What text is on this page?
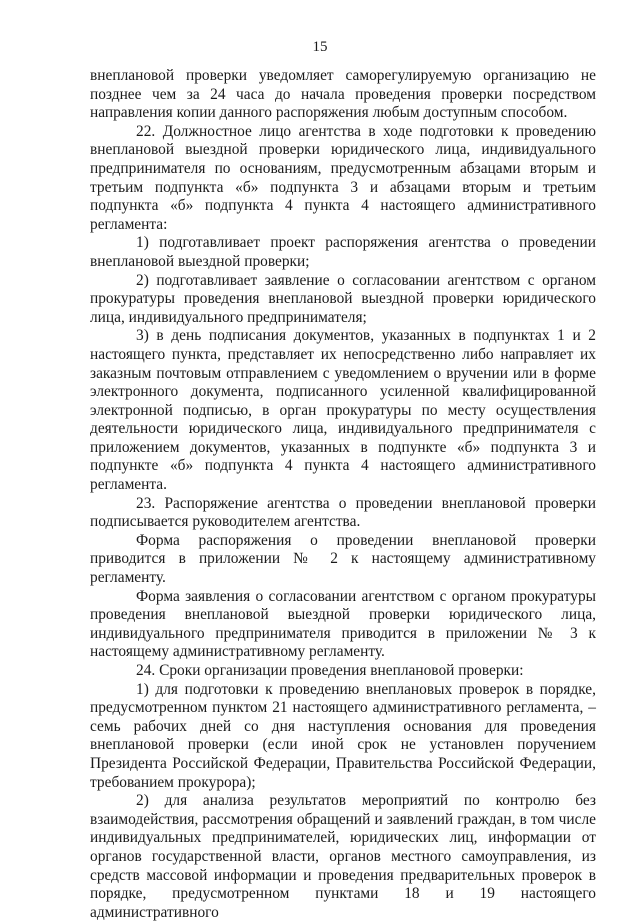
15

внеплановой проверки уведомляет саморегулируемую организацию не позднее чем за 24 часа до начала проведения проверки посредством направления копии данного распоряжения любым доступным способом.

22. Должностное лицо агентства в ходе подготовки к проведению внеплановой выездной проверки юридического лица, индивидуального предпринимателя по основаниям, предусмотренным абзацами вторым и третьим подпункта «б» подпункта 3 и абзацами вторым и третьим подпункта «б» подпункта 4 пункта 4 настоящего административного регламента:

1) подготавливает проект распоряжения агентства о проведении внеплановой выездной проверки;

2) подготавливает заявление о согласовании агентством с органом прокуратуры проведения внеплановой выездной проверки юридического лица, индивидуального предпринимателя;

3) в день подписания документов, указанных в подпунктах 1 и 2 настоящего пункта, представляет их непосредственно либо направляет их заказным почтовым отправлением с уведомлением о вручении или в форме электронного документа, подписанного усиленной квалифицированной электронной подписью, в орган прокуратуры по месту осуществления деятельности юридического лица, индивидуального предпринимателя с приложением документов, указанных в подпункте «б» подпункта 3 и подпункте «б» подпункта 4 пункта 4 настоящего административного регламента.

23. Распоряжение агентства о проведении внеплановой проверки подписывается руководителем агентства.

Форма распоряжения о проведении внеплановой проверки приводится в приложении № 2 к настоящему административному регламенту.

Форма заявления о согласовании агентством с органом прокуратуры проведения внеплановой выездной проверки юридического лица, индивидуального предпринимателя приводится в приложении № 3 к настоящему административному регламенту.

24. Сроки организации проведения внеплановой проверки:

1) для подготовки к проведению внеплановых проверок в порядке, предусмотренном пунктом 21 настоящего административного регламента, – семь рабочих дней со дня наступления основания для проведения внеплановой проверки (если иной срок не установлен поручением Президента Российской Федерации, Правительства Российской Федерации, требованием прокурора);

2) для анализа результатов мероприятий по контролю без взаимодействия, рассмотрения обращений и заявлений граждан, в том числе индивидуальных предпринимателей, юридических лиц, информации от органов государственной власти, органов местного самоуправления, из средств массовой информации и проведения предварительных проверок в порядке, предусмотренном пунктами 18 и 19 настоящего административного
